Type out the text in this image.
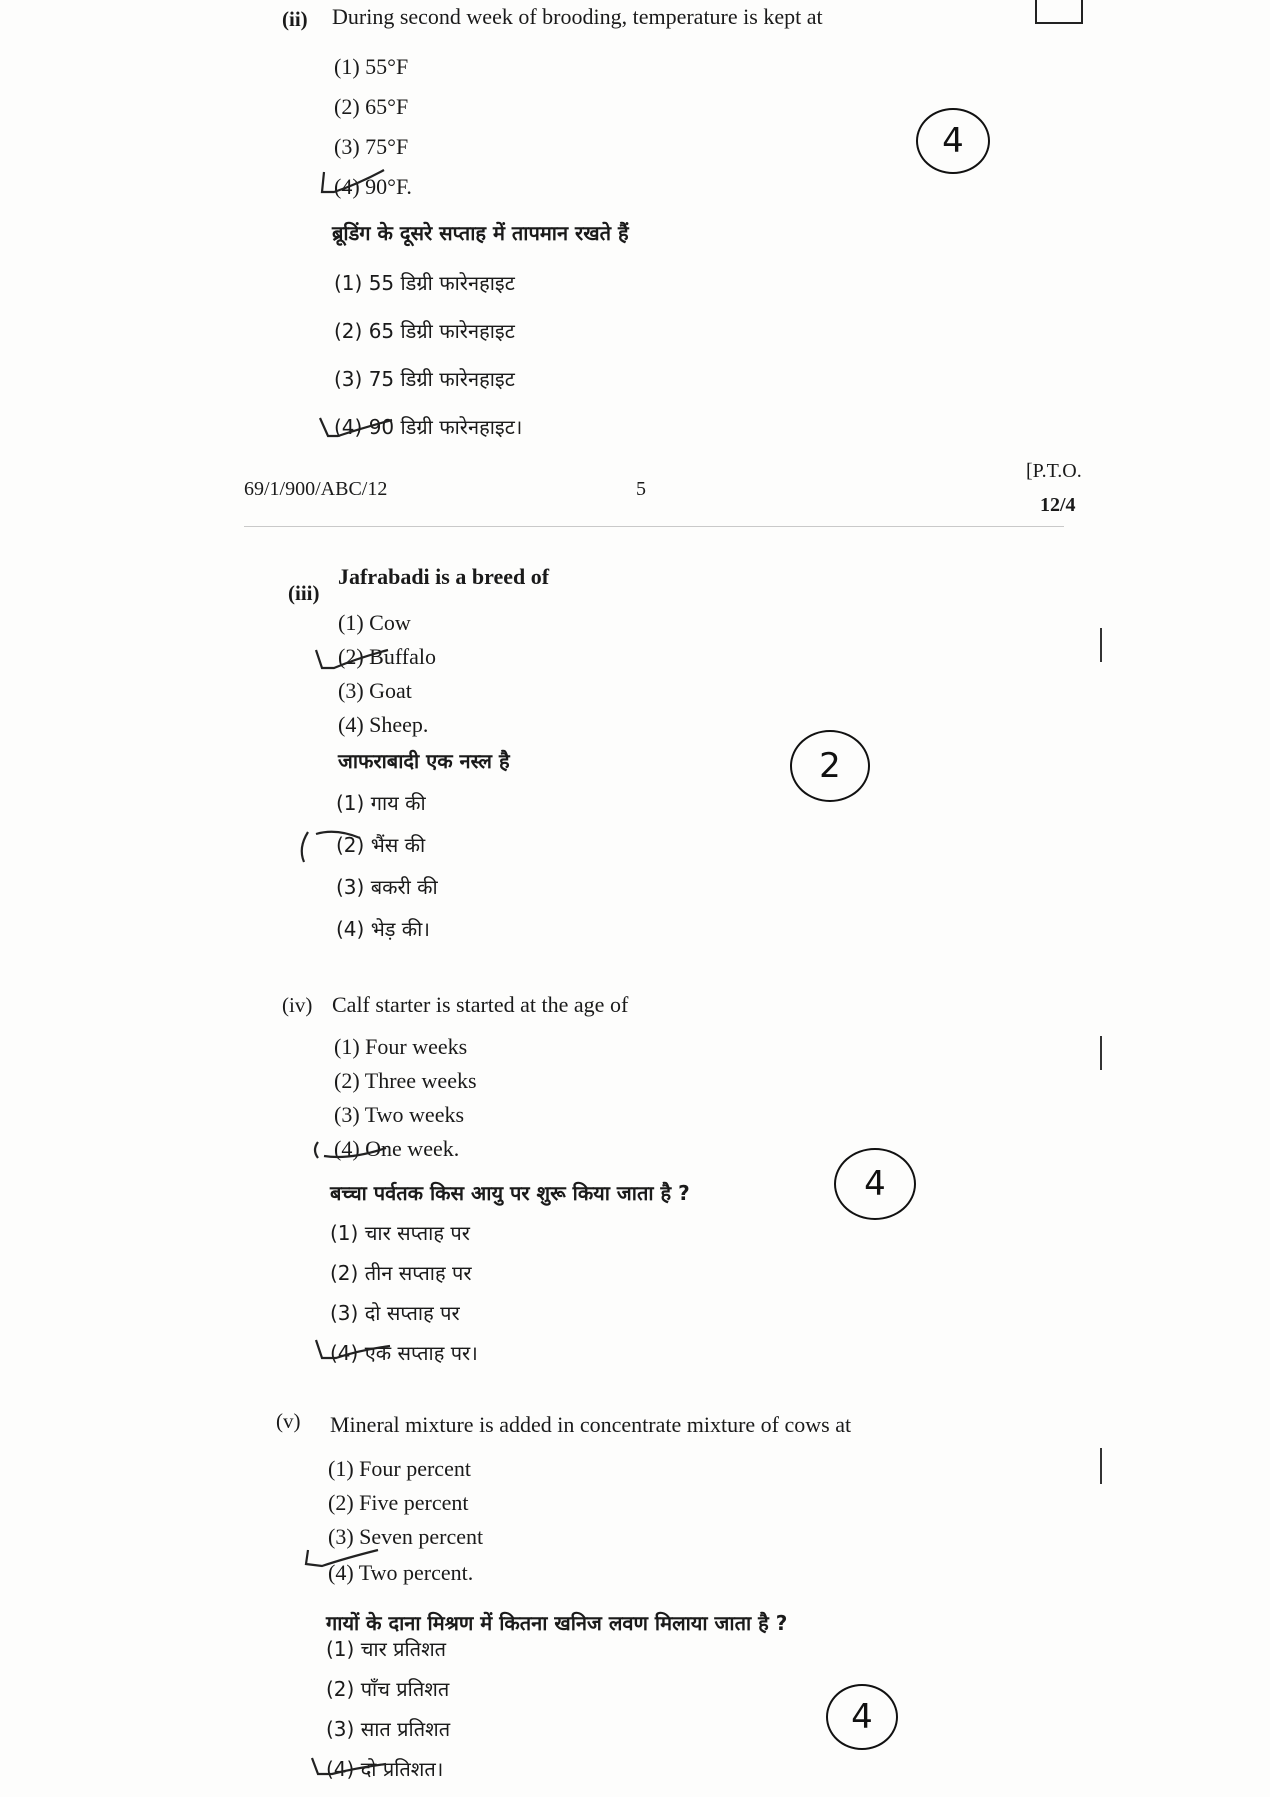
(ii) During second week of brooding, temperature is kept at
(1) 55°F
(2) 65°F
(3) 75°F
(4) 90°F.
4
ब्रूडिंग के दूसरे सप्ताह में तापमान रखते हैं
(1) 55 डिग्री फारेनहाइट
(2) 65 डिग्री फारेनहाइट
(3) 75 डिग्री फारेनहाइट
(4) 90 डिग्री फारेनहाइट।
69/1/900/ABC/12	5
[P.T.O.
12/4
(iii)
Jafrabadi is a breed of
(1) Cow
(2) Buffalo
(3) Goat
(4) Sheep.
2
जाफराबादी एक नस्ल है
(1) गाय की
(2) भैंस की
(3) बकरी की
(4) भेड़ की।
(iv) Calf starter is started at the age of
(1) Four weeks
(2) Three weeks
(3) Two weeks
(4) One week.
4
बच्चा पर्वतक किस आयु पर शुरू किया जाता है ?
(1) चार सप्ताह पर
(2) तीन सप्ताह पर
(3) दो सप्ताह पर
(4) एक सप्ताह पर।
(v) Mineral mixture is added in concentrate mixture of cows at
(1) Four percent
(2) Five percent
(3) Seven percent
(4) Two percent.
4
गायों के दाना मिश्रण में कितना खनिज लवण मिलाया जाता है ?
(1) चार प्रतिशत
(2) पाँच प्रतिशत
(3) सात प्रतिशत
(4) दो प्रतिशत।
